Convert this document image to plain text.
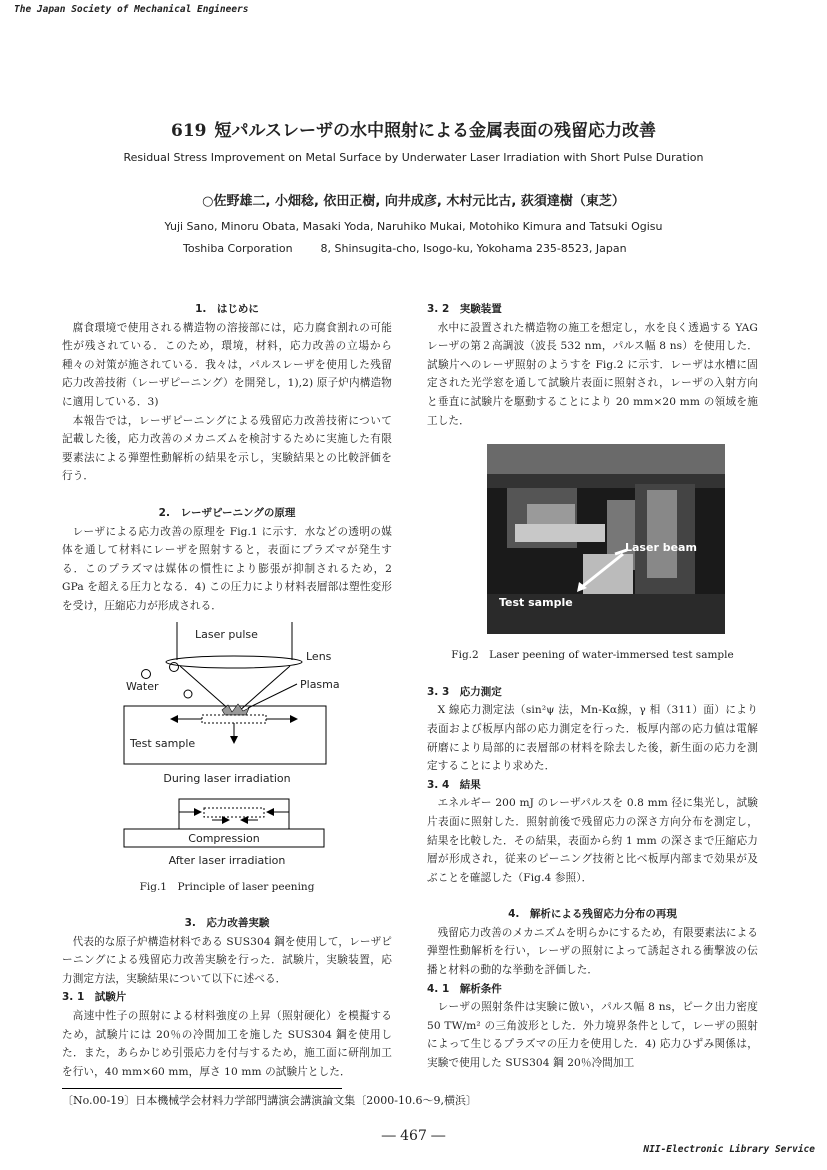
The Japan Society of Mechanical Engineers
619 短パルスレーザの水中照射による金属表面の残留応力改善
Residual Stress Improvement on Metal Surface by Underwater Laser Irradiation with Short Pulse Duration
○佐野雄二, 小畑稔, 依田正樹, 向井成彦, 木村元比古, 荻須達樹（東芝）
Yuji Sano, Minoru Obata, Masaki Yoda, Naruhiko Mukai, Motohiko Kimura and Tatsuki Ogisu
Toshiba Corporation        8, Shinsugita-cho, Isogo-ku, Yokohama 235-8523, Japan
1.　はじめに
腐食環境で使用される構造物の溶接部には，応力腐食割れの可能性が残されている．このため，環境，材料，応力改善の立場から種々の対策が施されている．我々は，パルスレーザを使用した残留応力改善技術（レーザピーニング）を開発し，1),2) 原子炉内構造物に適用している．3)
本報告では，レーザピーニングによる残留応力改善技術について記載した後，応力改善のメカニズムを検討するために実施した有限要素法による弾塑性動解析の結果を示し，実験結果との比較評価を行う．
2.　レーザピーニングの原理
レーザによる応力改善の原理を Fig.1 に示す．水などの透明の媒体を通して材料にレーザを照射すると，表面にプラズマが発生する．このプラズマは媒体の慣性により膨張が抑制されるため，2 GPa を超える圧力となる．4) この圧力により材料表層部は塑性変形を受け，圧縮応力が形成される．
Laser pulse
Lens
Water	Plasma
Test sample
During laser irradiation
Compression
After laser irradiation
Fig.1　Principle of laser peening
3.　応力改善実験
代表的な原子炉構造材料である SUS304 鋼を使用して，レーザピーニングによる残留応力改善実験を行った．試験片，実験装置，応力測定方法，実験結果について以下に述べる．
3. 1　試験片
高速中性子の照射による材料強度の上昇（照射硬化）を模擬するため，試験片には 20％の冷間加工を施した SUS304 鋼を使用した．また，あらかじめ引張応力を付与するため，施工面に研削加工を行い，40 mm×60 mm，厚さ 10 mm の試験片とした．
3. 2　実験装置
水中に設置された構造物の施工を想定し，水を良く透過する YAG レーザの第２高調波（波長 532 nm，パルス幅 8 ns）を使用した．試験片へのレーザ照射のようすを Fig.2 に示す．レーザは水槽に固定された光学窓を通して試験片表面に照射され，レーザの入射方向と垂直に試験片を駆動することにより 20 mm×20 mm の領域を施工した．
Laser beam
Test sample
Fig.2　Laser peening of water-immersed test sample
3. 3　応力測定
X 線応力測定法（sin²ψ 法，Mn-Kα線，γ 相（311）面）により表面および板厚内部の応力測定を行った．板厚内部の応力値は電解研磨により局部的に表層部の材料を除去した後，新生面の応力を測定することにより求めた．
3. 4　結果
エネルギー 200 mJ のレーザパルスを 0.8 mm 径に集光し，試験片表面に照射した．照射前後で残留応力の深さ方向分布を測定し，結果を比較した．その結果，表面から約 1 mm の深さまで圧縮応力層が形成され，従来のピーニング技術と比べ板厚内部まで効果が及ぶことを確認した（Fig.4 参照）．
4.　解析による残留応力分布の再現
残留応力改善のメカニズムを明らかにするため，有限要素法による弾塑性動解析を行い，レーザの照射によって誘起される衝撃波の伝播と材料の動的な挙動を評価した．
4. 1　解析条件
レーザの照射条件は実験に倣い，パルス幅 8 ns，ピーク出力密度 50 TW/m² の三角波形とした．外力境界条件として，レーザの照射によって生じるプラズマの圧力を使用した．4) 応力ひずみ関係は，実験で使用した SUS304 鋼 20％冷間加工
〔No.00-19〕日本機械学会材料力学部門講演会講演論文集〔2000-10.6～9,横浜〕
― 467 ―
NII-Electronic Library Service
